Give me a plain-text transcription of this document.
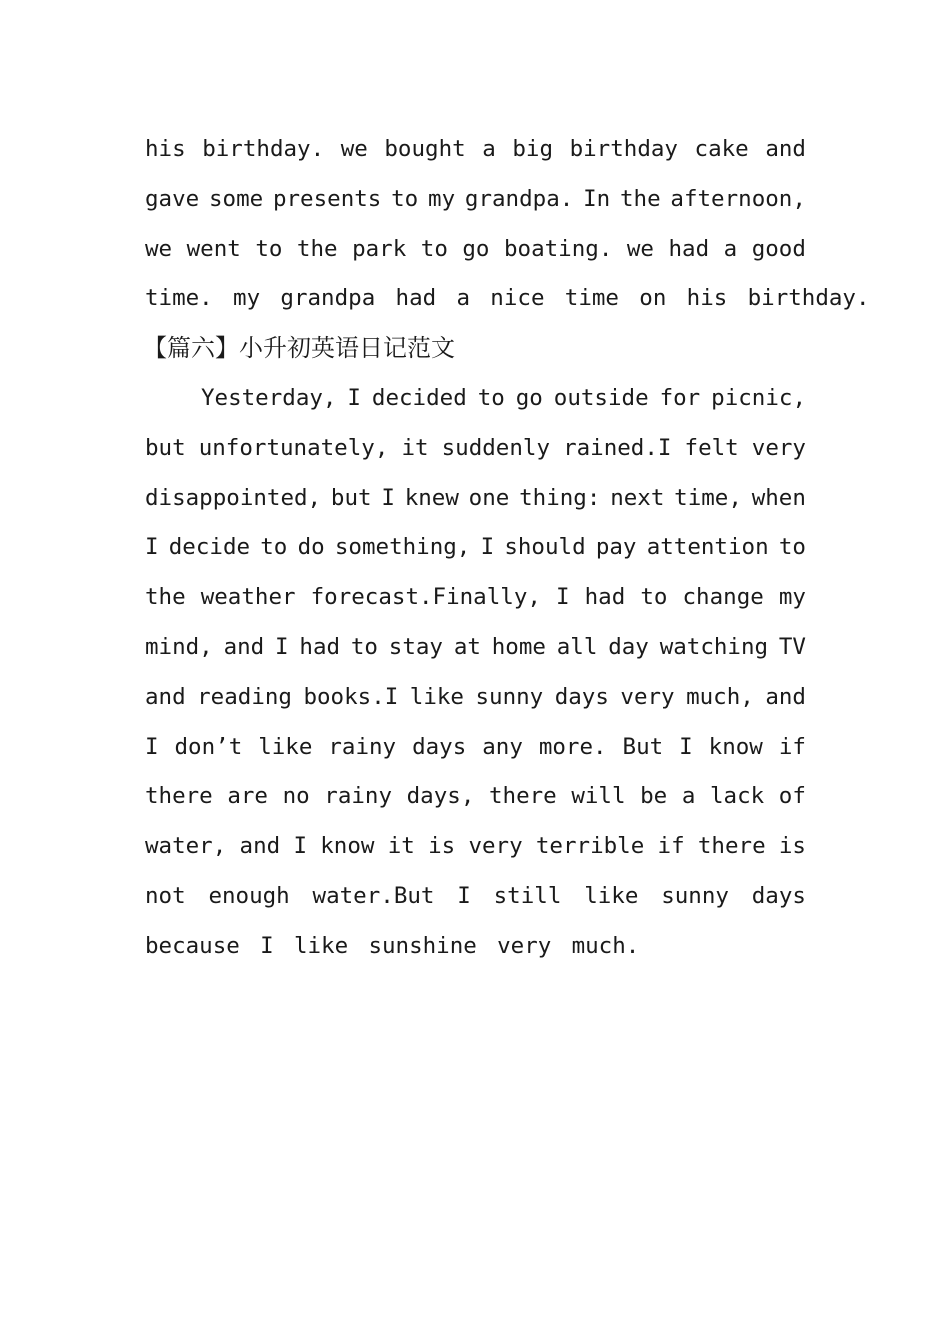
his birthday. we bought a big birthday cake and
gave some presents to my grandpa. In the afternoon,
we went to the park to go boating. we had a good
time. my grandpa had a nice time on his birthday.
【篇六】小升初英语日记范文
Yesterday, I decided to go outside for picnic,
but unfortunately, it suddenly rained.I felt very
disappointed, but I knew one thing: next time, when
I decide to do something, I should pay attention to
the weather forecast.Finally, I had to change my
mind, and I had to stay at home all day watching TV
and reading books.I like sunny days very much, and
I don’t like rainy days any more. But I know if
there are no rainy days, there will be a lack of
water, and I know it is very terrible if there is
not enough water.But I still like sunny days
because I like sunshine very much.
